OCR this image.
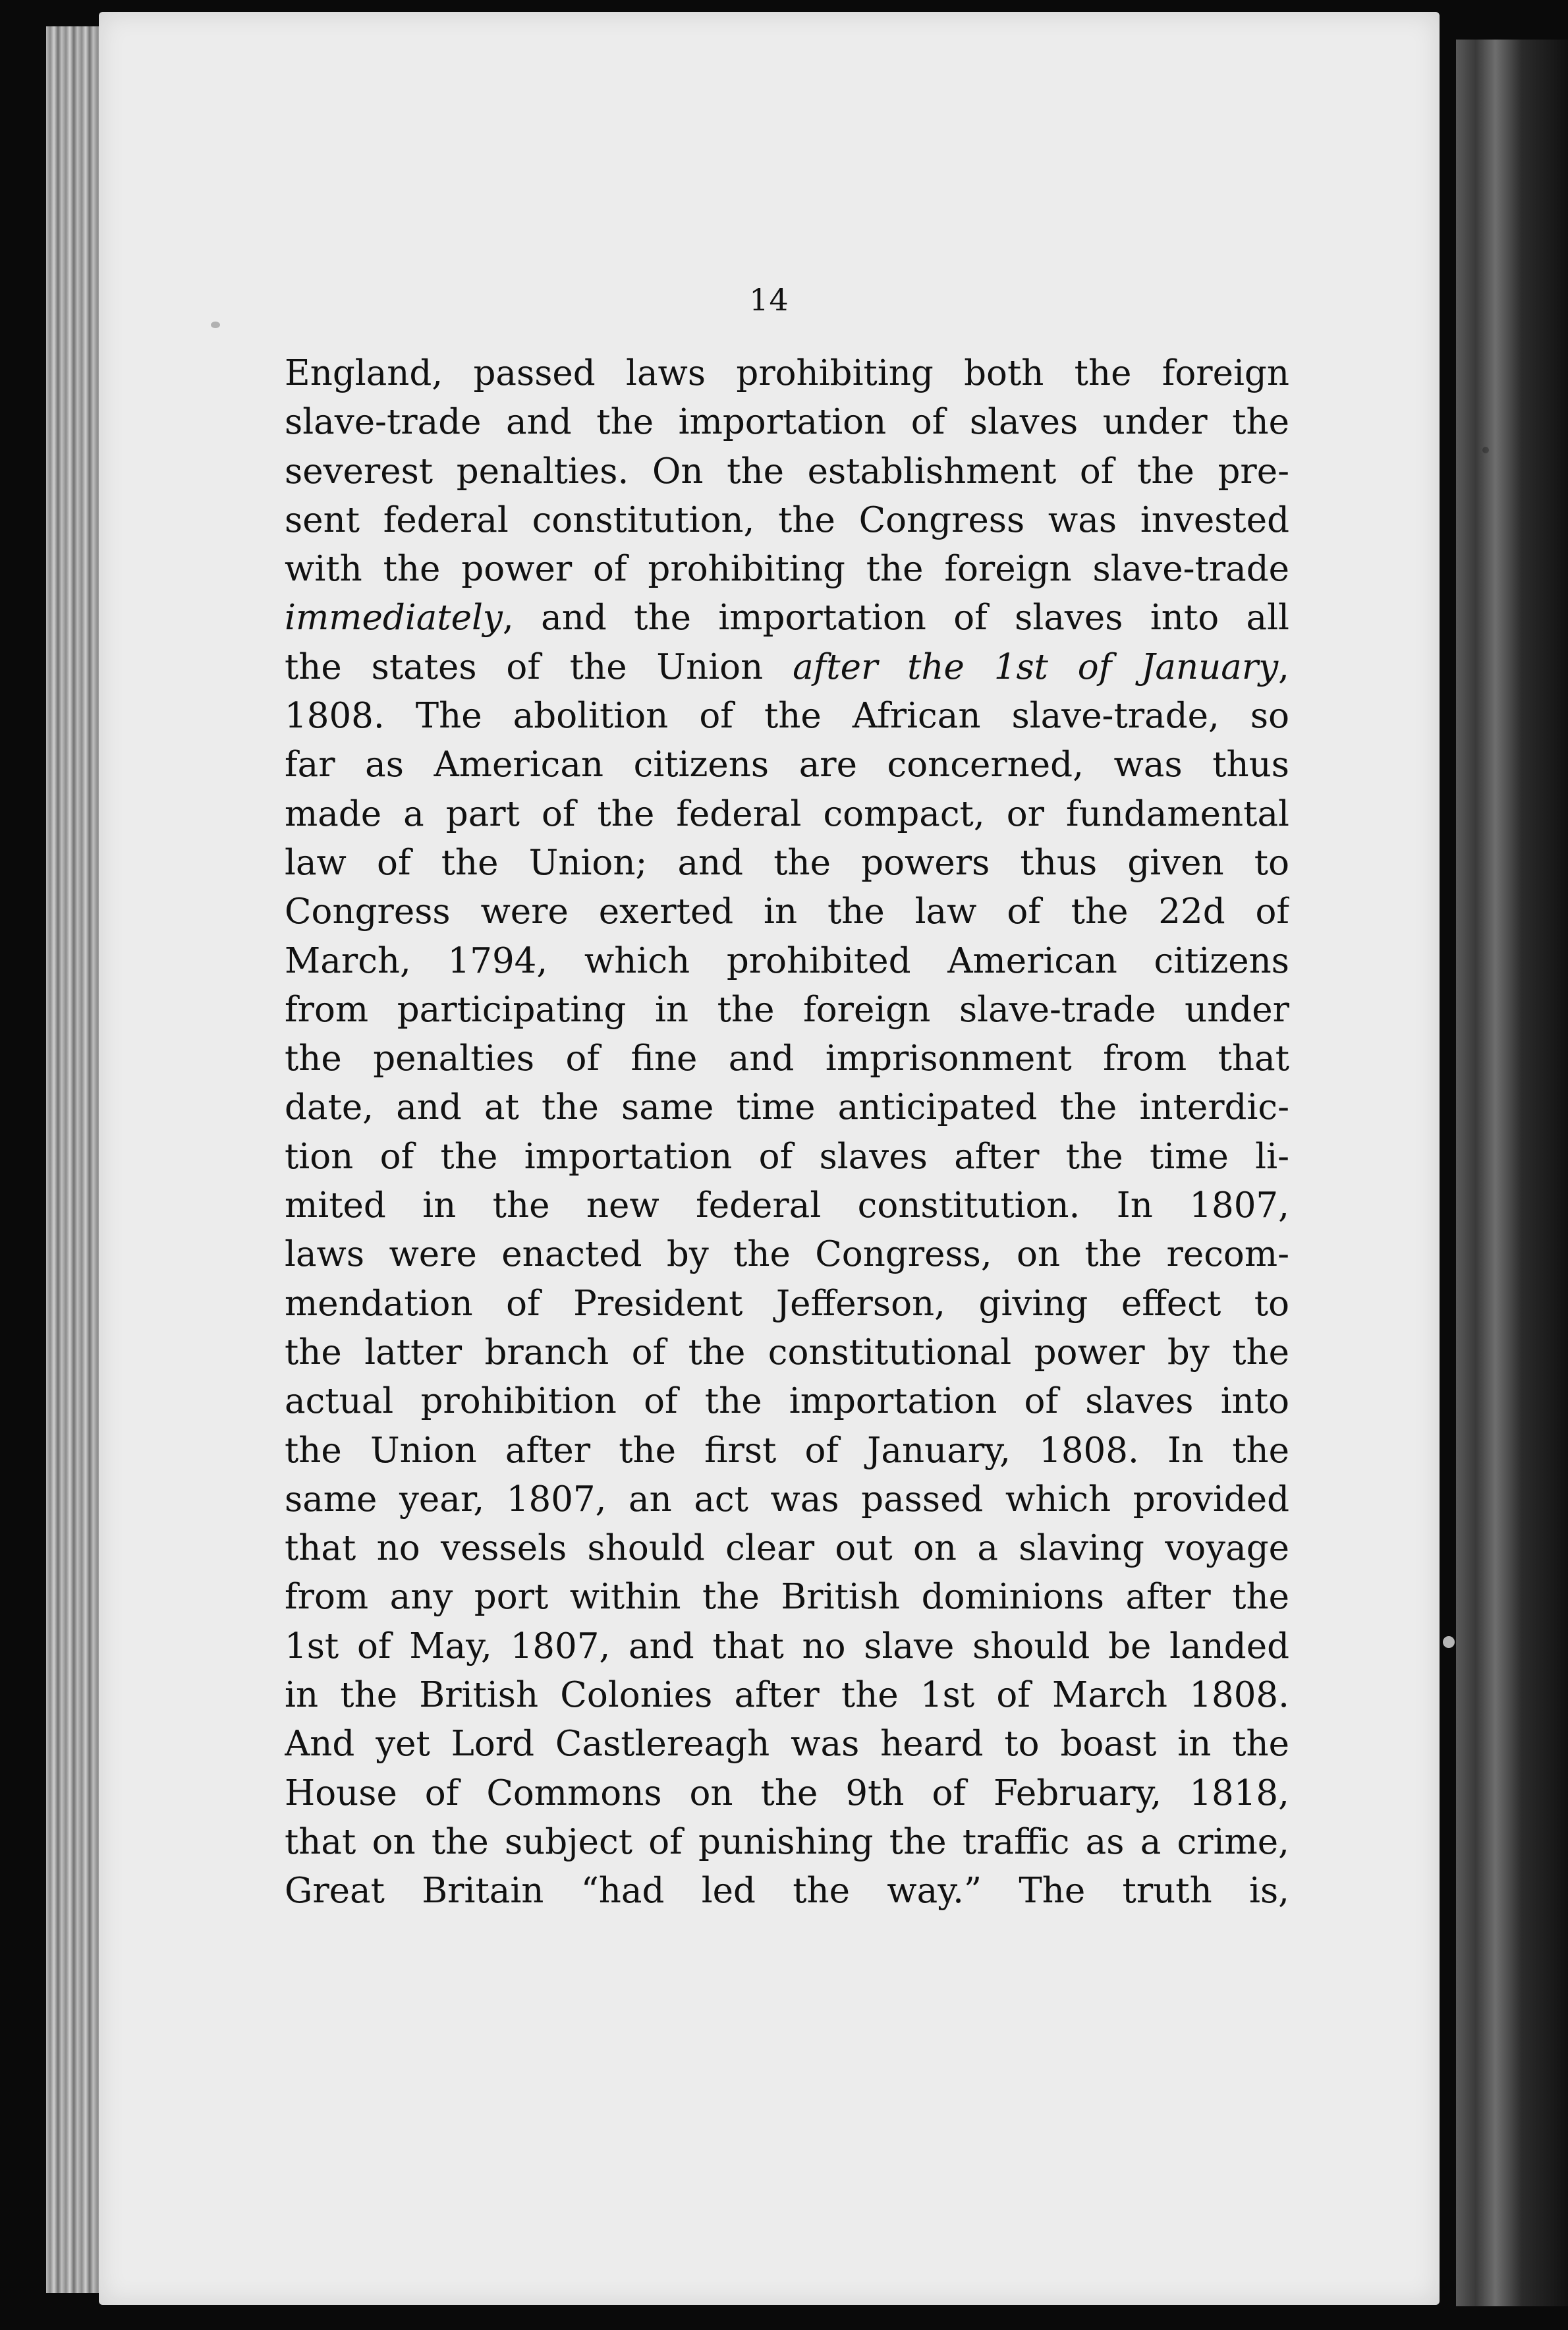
14
England, passed laws prohibiting both the foreign
slave-trade and the importation of slaves under the
severest penalties. On the establishment of the pre-
sent federal constitution, the Congress was invested
with the power of prohibiting the foreign slave-trade
immediately, and the importation of slaves into all
the states of the Union after the 1st of January,
1808. The abolition of the African slave-trade, so
far as American citizens are concerned, was thus
made a part of the federal compact, or fundamental
law of the Union; and the powers thus given to
Congress were exerted in the law of the 22d of
March, 1794, which prohibited American citizens
from participating in the foreign slave-trade under
the penalties of fine and imprisonment from that
date, and at the same time anticipated the interdic-
tion of the importation of slaves after the time li-
mited in the new federal constitution. In 1807,
laws were enacted by the Congress, on the recom-
mendation of President Jefferson, giving effect to
the latter branch of the constitutional power by the
actual prohibition of the importation of slaves into
the Union after the first of January, 1808. In the
same year, 1807, an act was passed which provided
that no vessels should clear out on a slaving voyage
from any port within the British dominions after the
1st of May, 1807, and that no slave should be landed
in the British Colonies after the 1st of March 1808.
And yet Lord Castlereagh was heard to boast in the
House of Commons on the 9th of February, 1818,
that on the subject of punishing the traffic as a crime,
Great Britain “had led the way.” The truth is,
